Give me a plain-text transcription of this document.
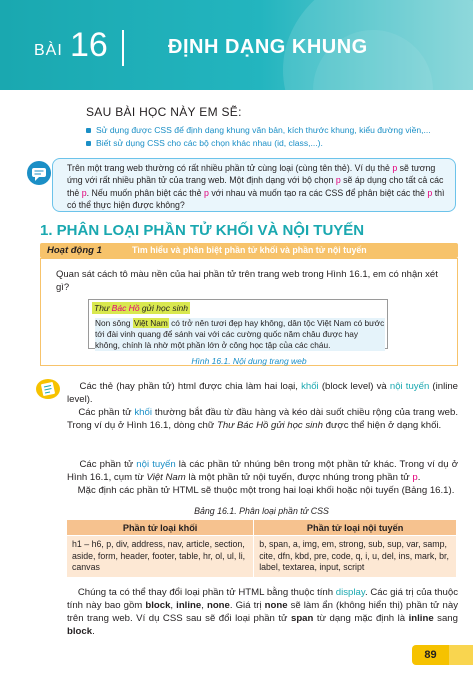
BÀI 16	ĐỊNH DẠNG KHUNG
SAU BÀI HỌC NÀY EM SẼ:
Sử dụng được CSS để định dạng khung văn bản, kích thước khung, kiểu đường viền,...
Biết sử dụng CSS cho các bộ chọn khác nhau (id, class,...).

Trên một trang web thường có rất nhiều phần tử cùng loại (cùng tên thẻ). Ví dụ thẻ p sẽ tương ứng với rất nhiều phần tử của trang web. Một định dạng với bộ chọn p sẽ áp dụng cho tất cả các thẻ p. Nếu muốn phân biệt các thẻ p với nhau và muốn tạo ra các CSS để phân biệt các thẻ p thì có thể thực hiện được không?

1. PHÂN LOẠI PHẦN TỬ KHỐI VÀ NỘI TUYẾN
Hoạt động 1	Tìm hiểu và phân biệt phần tử khối và phần tử nội tuyến

Quan sát cách tô màu nền của hai phần tử trên trang web trong Hình 16.1, em có nhận xét gì?

Thư Bác Hồ gửi học sinh
Non sông Việt Nam có trở nên tươi đẹp hay không, dân tộc Việt Nam có bước tới đài vinh quang để sánh vai với các cường quốc năm châu được hay không, chính là nhờ một phần lớn ở công học tập của các cháu.
Hình 16.1. Nội dung trang web

Các thẻ (hay phần tử) html được chia làm hai loại, khối (block level) và nội tuyến (inline level).

Các phần tử khối thường bắt đầu từ đầu hàng và kéo dài suốt chiều rộng của trang web. Trong ví dụ ở Hình 16.1, dòng chữ Thư Bác Hồ gửi học sinh được thể hiện ở dạng khối.

Các phần tử nội tuyến là các phần tử nhúng bên trong một phần tử khác. Trong ví dụ ở Hình 16.1, cụm từ Việt Nam là một phần tử nội tuyến, được nhúng trong phần tử p.

Mặc định các phần tử HTML sẽ thuộc một trong hai loại khối hoặc nội tuyến (Bảng 16.1).

Bảng 16.1. Phân loại phần tử CSS
Phần tử loại khối	Phần tử loại nội tuyến
h1 – h6, p, div, address, nav, article, section, aside, form, header, footer, table, hr, ol, ul, li, canvas	b, span, a, img, em, strong, sub, sup, var, samp, cite, dfn, kbd, pre, code, q, i, u, del, ins, mark, br, label, textarea, input, script

Chúng ta có thể thay đổi loại phần tử HTML bằng thuộc tính display. Các giá trị của thuộc tính này bao gồm block, inline, none. Giá trị none sẽ làm ẩn (không hiển thị) phần tử này trên trang web. Ví dụ CSS sau sẽ đổi loại phần tử span từ dạng mặc định là inline sang block.

89
